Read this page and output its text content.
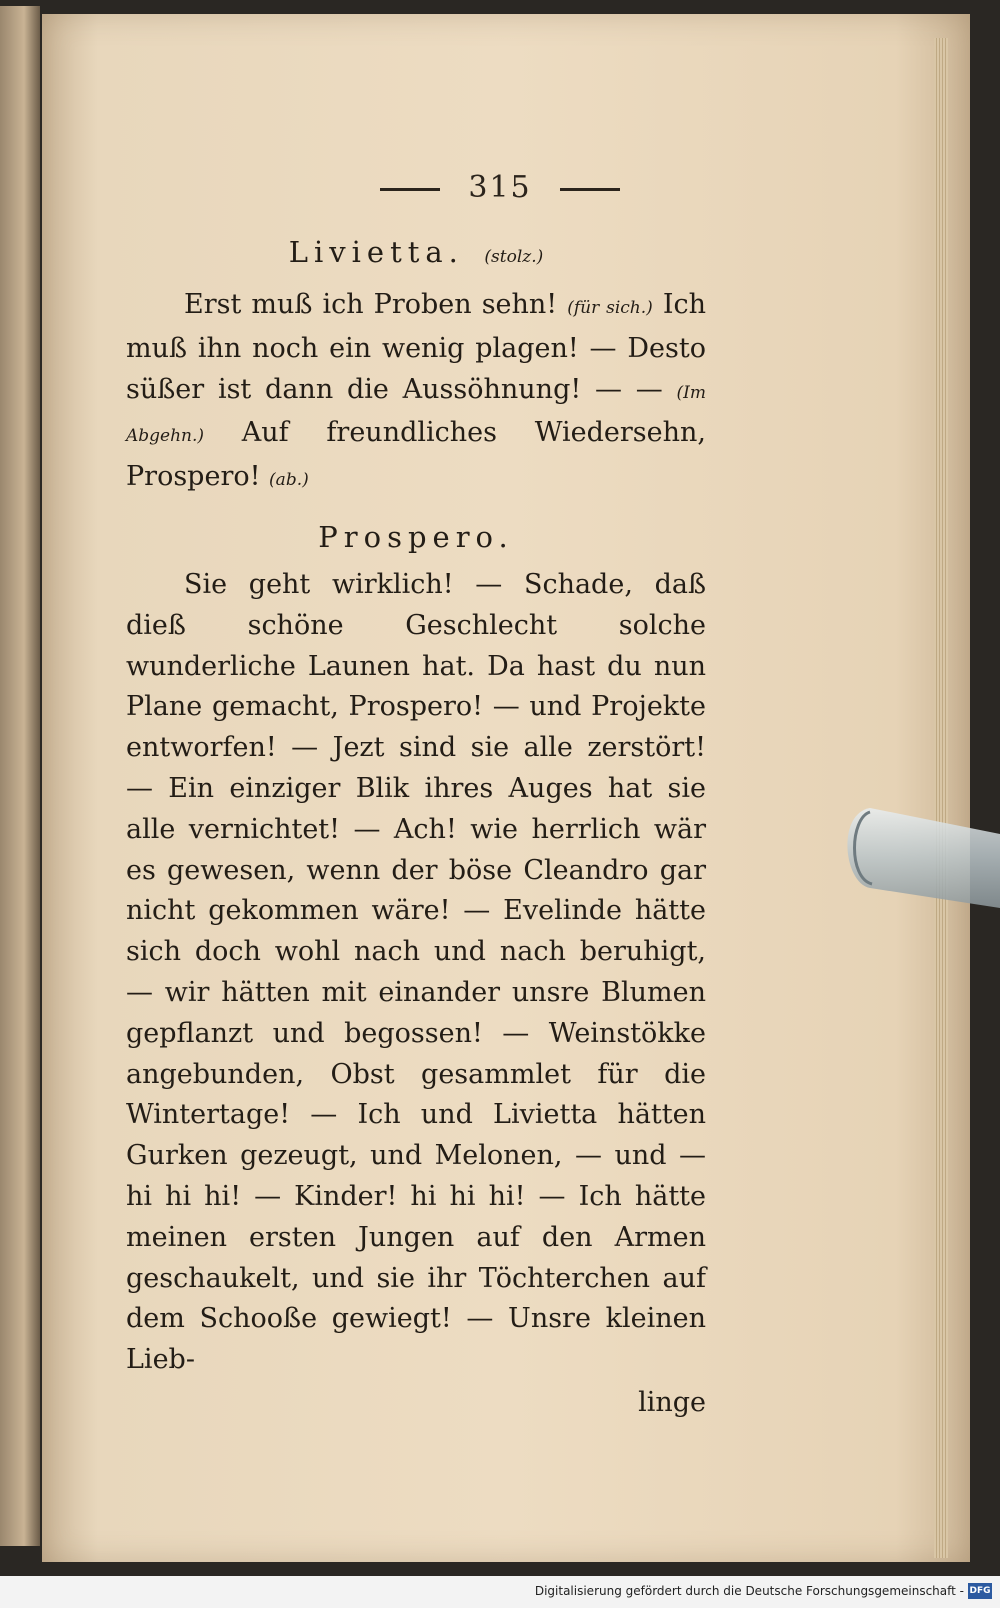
315
Livietta.  (stolz.)

Erst muß ich Proben sehn! (für sich.) Ich muß ihn noch ein wenig plagen! — Desto süßer ist dann die Aussöhnung! — — (Im Abgehn.) Auf freundliches Wiedersehn, Prospero! (ab.)

Prospero.

Sie geht wirklich! — Schade, daß dieß schöne Geschlecht solche wunderliche Launen hat. Da hast du nun Plane gemacht, Prospero! — und Projekte entworfen! — Jezt sind sie alle zerstört! — Ein einziger Blik ihres Auges hat sie alle vernichtet! — Ach! wie herrlich wär es gewesen, wenn der böse Cleandro gar nicht gekommen wäre! — Evelinde hätte sich doch wohl nach und nach beruhigt, — wir hätten mit einander unsre Blumen gepflanzt und begossen! — Weinstökke angebunden, Obst gesammlet für die Wintertage! — Ich und Livietta hätten Gurken gezeugt, und Melonen, — und — hi hi hi! — Kinder! hi hi hi! — Ich hätte meinen ersten Jungen auf den Armen geschaukelt, und sie ihr Töchterchen auf dem Schooße gewiegt! — Unsre kleinen Lieb-

linge
Digitalisierung gefördert durch die Deutsche Forschungsgemeinschaft - DFG
